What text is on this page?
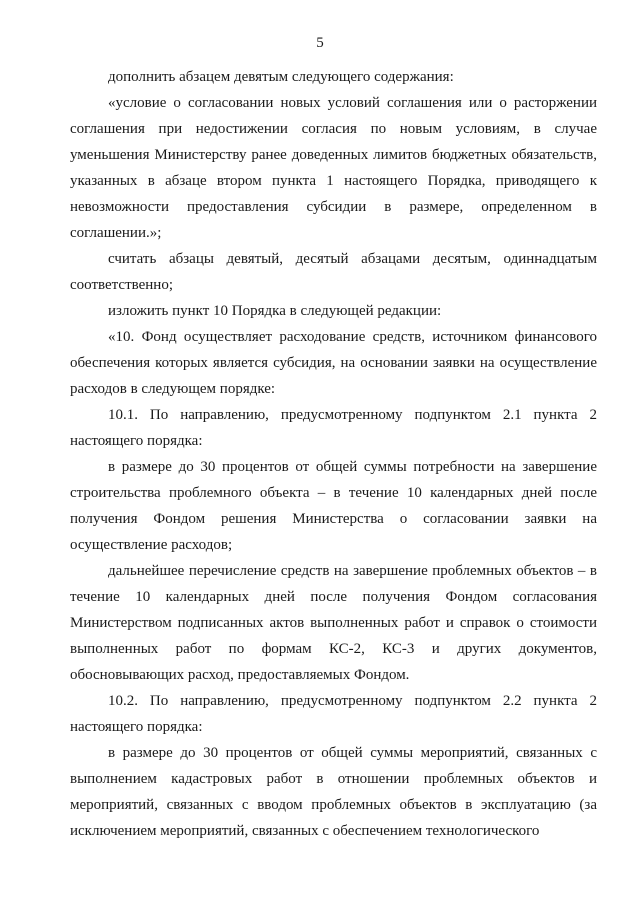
5

дополнить абзацем девятым следующего содержания:

«условие о согласовании новых условий соглашения или о расторжении соглашения при недостижении согласия по новым условиям, в случае уменьшения Министерству ранее доведенных лимитов бюджетных обязательств, указанных в абзаце втором пункта 1 настоящего Порядка, приводящего к невозможности предоставления субсидии в размере, определенном в соглашении.»;

считать абзацы девятый, десятый абзацами десятым, одиннадцатым соответственно;

изложить пункт 10 Порядка в следующей редакции:

«10. Фонд осуществляет расходование средств, источником финансового обеспечения которых является субсидия, на основании заявки на осуществление расходов в следующем порядке:

10.1. По направлению, предусмотренному подпунктом 2.1 пункта 2 настоящего порядка:

в размере до 30 процентов от общей суммы потребности на завершение строительства проблемного объекта – в течение 10 календарных дней после получения Фондом решения Министерства о согласовании заявки на осуществление расходов;

дальнейшее перечисление средств на завершение проблемных объектов – в течение 10 календарных дней после получения Фондом согласования Министерством подписанных актов выполненных работ и справок о стоимости выполненных работ по формам КС-2, КС-3 и других документов, обосновывающих расход, предоставляемых Фондом.

10.2. По направлению, предусмотренному подпунктом 2.2 пункта 2 настоящего порядка:

в размере до 30 процентов от общей суммы мероприятий, связанных с выполнением кадастровых работ в отношении проблемных объектов и мероприятий, связанных с вводом проблемных объектов в эксплуатацию (за исключением мероприятий, связанных с обеспечением технологического
